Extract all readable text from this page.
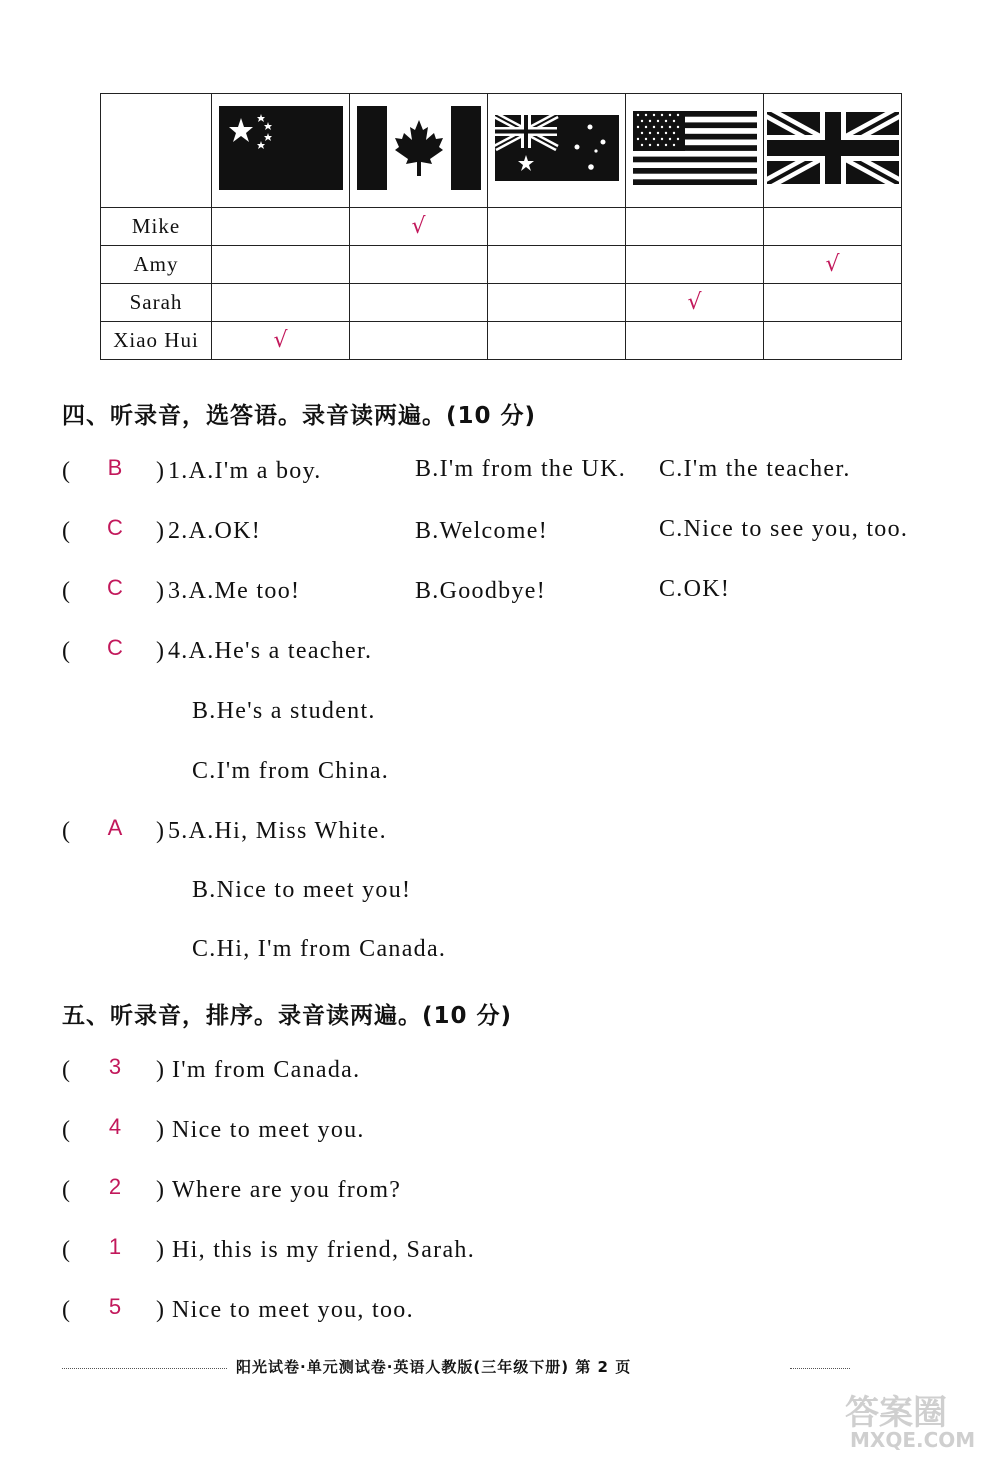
Mike		√			
Amy					√
Sarah				√	
Xiao Hui	√				
四、听录音，选答语。录音读两遍。(10 分)
(	B	) 1.A.I'm a boy.	B.I'm from the UK. C.I'm the teacher.
(	C ) 2.A.OK!	B.Welcome!	C.Nice to see you, too.
(	C ) 3.A.Me too!	B.Goodbye!	C.OK!
(	C ) 4.A.He's a teacher.
B.He's a student.
C.I'm from China.
(	A	) 5.A.Hi, Miss White.
B.Nice to meet you!
C.Hi, I'm from Canada.
五、听录音，排序。录音读两遍。(10 分)
(	3	) I'm from Canada.
(	4	) Nice to meet you.
(	2	) Where are you from?
(	1	) Hi, this is my friend, Sarah.
(	5	) Nice to meet you, too.
阳光试卷·单元测试卷·英语人教版(三年级下册) 第 2 页
答案圈
MXQE.COM
